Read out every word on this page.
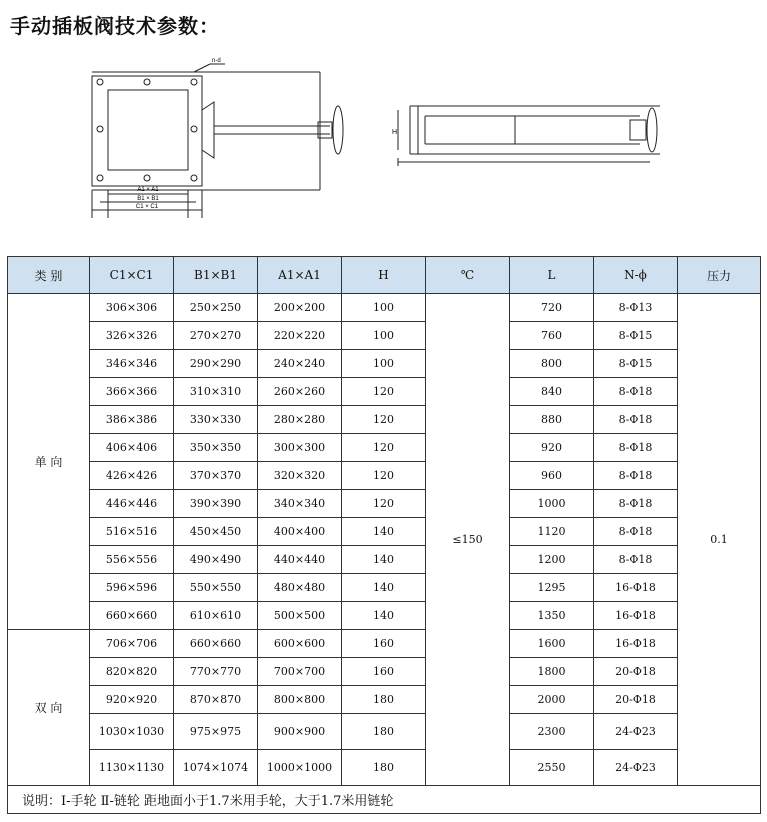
手动插板阀技术参数：
n-d
A1 × A1
B1 × B1
C1 × C1
H
类 别	C1×C1	B1×B1	A1×A1	H	℃	L	N-ϕ	压力
单 向	306×306	250×250	200×200	100	≤150	720	8-Φ13	0.1
	326×326	270×270	220×220	100		760	8-Φ15	
	346×346	290×290	240×240	100		800	8-Φ15	
	366×366	310×310	260×260	120		840	8-Φ18	
	386×386	330×330	280×280	120		880	8-Φ18	
	406×406	350×350	300×300	120		920	8-Φ18	
	426×426	370×370	320×320	120		960	8-Φ18	
	446×446	390×390	340×340	120		1000	8-Φ18	
	516×516	450×450	400×400	140		1120	8-Φ18	
	556×556	490×490	440×440	140		1200	8-Φ18	
	596×596	550×550	480×480	140		1295	16-Φ18	
	660×660	610×610	500×500	140		1350	16-Φ18	
双 向	706×706	660×660	600×600	160		1600	16-Φ18	
	820×820	770×770	700×700	160		1800	20-Φ18	
	920×920	870×870	800×800	180		2000	20-Φ18	
	1030×1030	975×975	900×900	180		2300	24-Φ23	
	1130×1130	1074×1074	1000×1000	180		2550	24-Φ23	
说明：Ⅰ-手轮 Ⅱ-链轮 距地面小于1.7米用手轮，大于1.7米用链轮								
